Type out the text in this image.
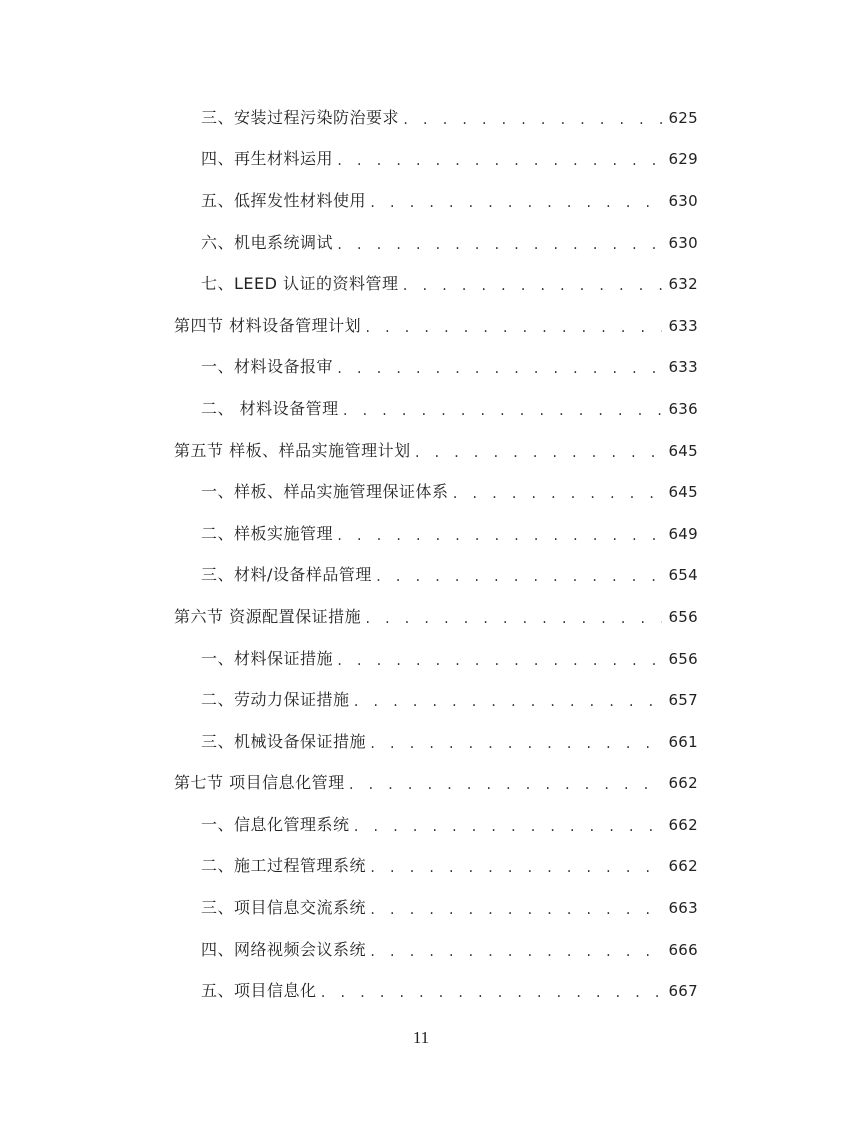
三、安装过程污染防治要求 . . .	625
四、再生材料运用 . . .	629
五、低挥发性材料使用 . . .	630
六、机电系统调试 . . .	630
七、LEED 认证的资料管理 . . .	632
第四节 材料设备管理计划 . . .	633
一、材料设备报审 . . .	633
二、 材料设备管理 . . .	636
第五节 样板、样品实施管理计划 . . .	645
一、样板、样品实施管理保证体系 . . .	645
二、样板实施管理 . . .	649
三、材料/设备样品管理 . . .	654
第六节 资源配置保证措施 . . .	656
一、材料保证措施 . . .	656
二、劳动力保证措施 . . .	657
三、机械设备保证措施 . . .	661
第七节 项目信息化管理 . . .	662
一、信息化管理系统 . . .	662
二、施工过程管理系统 . . .	662
三、项目信息交流系统 . . .	663
四、网络视频会议系统 . . .	666
五、项目信息化 . . .	667
11
